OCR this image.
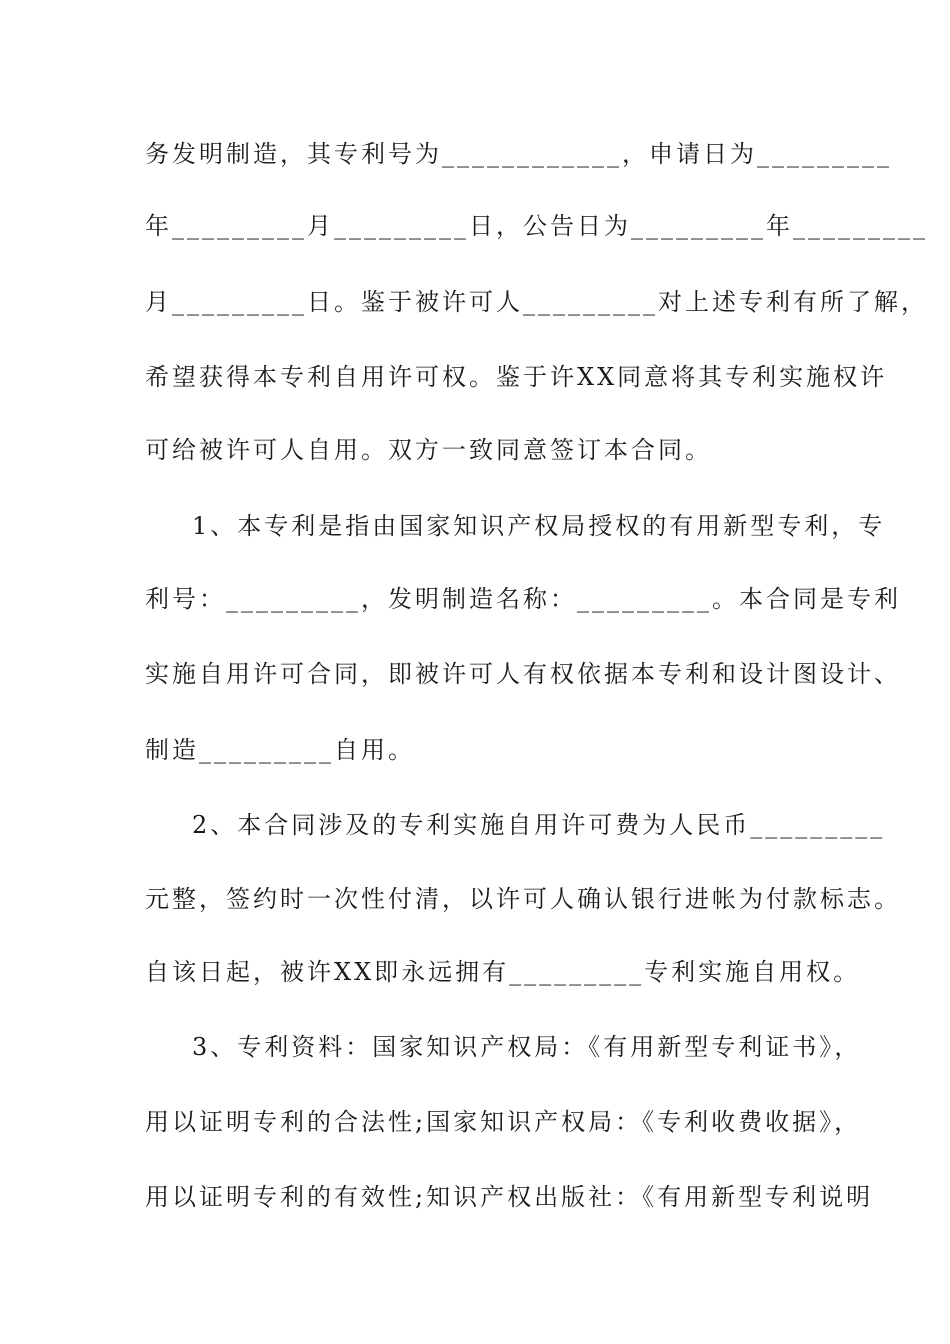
务发明制造，其专利号为____________，申请日为_________
年_________月_________日，公告日为_________年_________
月_________日。鉴于被许可人_________对上述专利有所了解，
希望获得本专利自用许可权。鉴于许XX同意将其专利实施权许
可给被许可人自用。双方一致同意签订本合同。
1、本专利是指由国家知识产权局授权的有用新型专利，专
利号：_________，发明制造名称：_________。本合同是专利
实施自用许可合同，即被许可人有权依据本专利和设计图设计、
制造_________自用。
2、本合同涉及的专利实施自用许可费为人民币_________
元整，签约时一次性付清，以许可人确认银行进帐为付款标志。
自该日起，被许XX即永远拥有_________专利实施自用权。
3、专利资料：国家知识产权局：《有用新型专利证书》，
用以证明专利的合法性;国家知识产权局：《专利收费收据》，
用以证明专利的有效性;知识产权出版社：《有用新型专利说明
